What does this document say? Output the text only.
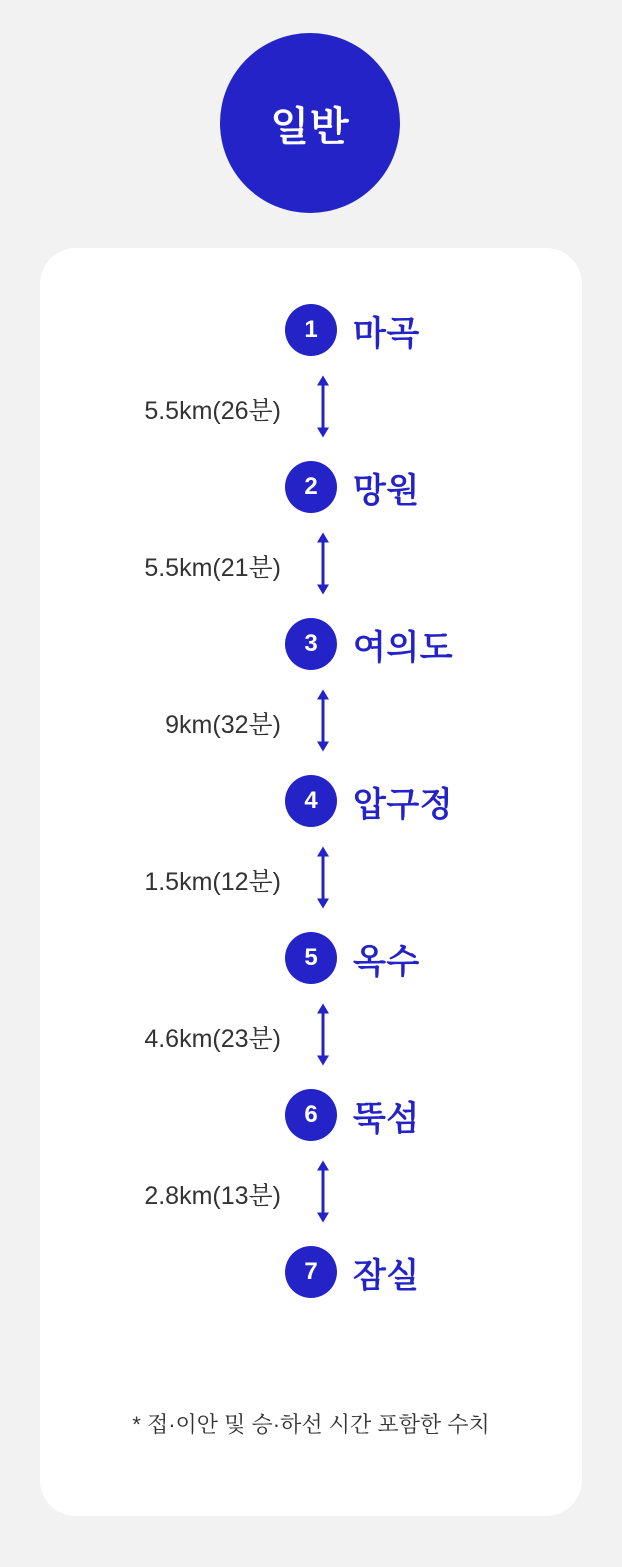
일반
1	마곡
5.5km(26분)
2	망원
5.5km(21분)
3	여의도
9km(32분)
4	압구정
1.5km(12분)
5	옥수
4.6km(23분)
6	뚝섬
2.8km(13분)
7	잠실
* 접·이안 및 승·하선 시간 포함한 수치
